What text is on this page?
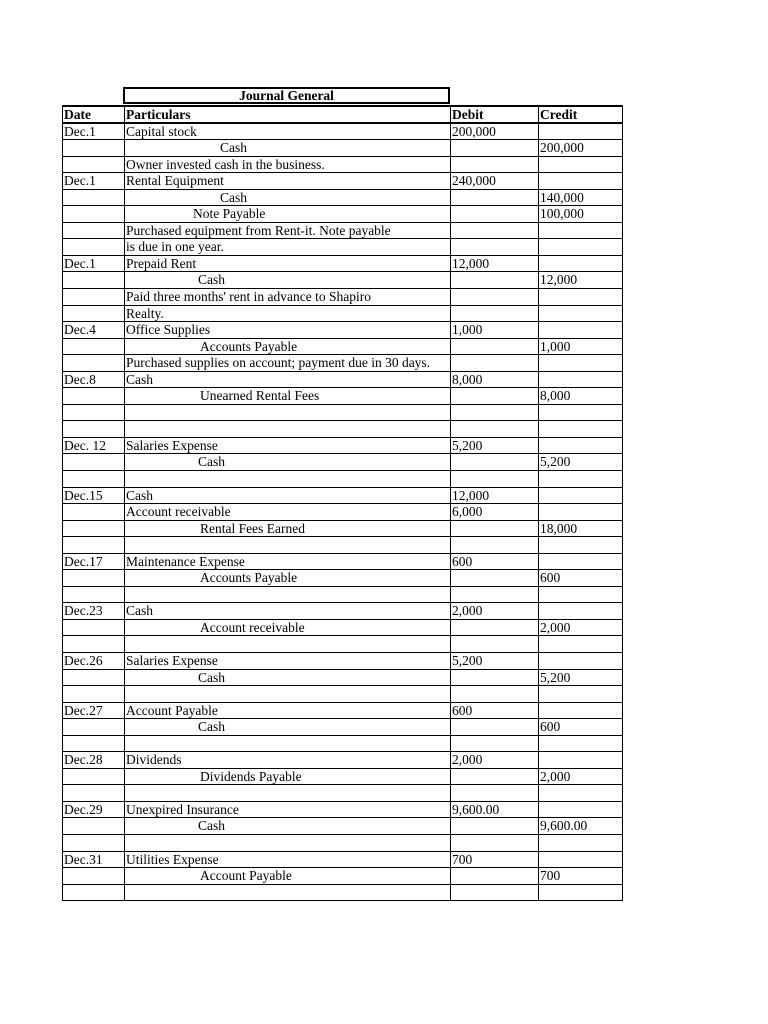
Journal General
Date	Particulars	Debit	Credit
Dec.1	Capital stock	200,000	
	Cash		200,000
	Owner invested cash in the business.		
Dec.1	Rental Equipment	240,000	
	Cash		140,000
	Note Payable		100,000
	Purchased equipment from Rent-it. Note payable		
	is due in one year.		
Dec.1	Prepaid Rent	12,000	
	Cash		12,000
	Paid three months' rent in advance to Shapiro		
	Realty.		
Dec.4	Office Supplies	1,000	
	Accounts Payable		1,000
	Purchased supplies on account; payment due in 30 days.		
Dec.8	Cash	8,000	
	Unearned Rental Fees		8,000

Dec. 12	Salaries Expense	5,200	
	Cash		5,200

Dec.15	Cash	12,000	
	Account receivable	6,000	
	Rental Fees Earned		18,000

Dec.17	Maintenance Expense	600	
	Accounts Payable		600

Dec.23	Cash	2,000	
	Account receivable		2,000

Dec.26	Salaries Expense	5,200	
	Cash		5,200

Dec.27	Account Payable	600	
	Cash		600

Dec.28	Dividends	2,000	
	Dividends Payable		2,000

Dec.29	Unexpired Insurance	9,600.00	
	Cash		9,600.00

Dec.31	Utilities Expense	700	
	Account Payable		700
